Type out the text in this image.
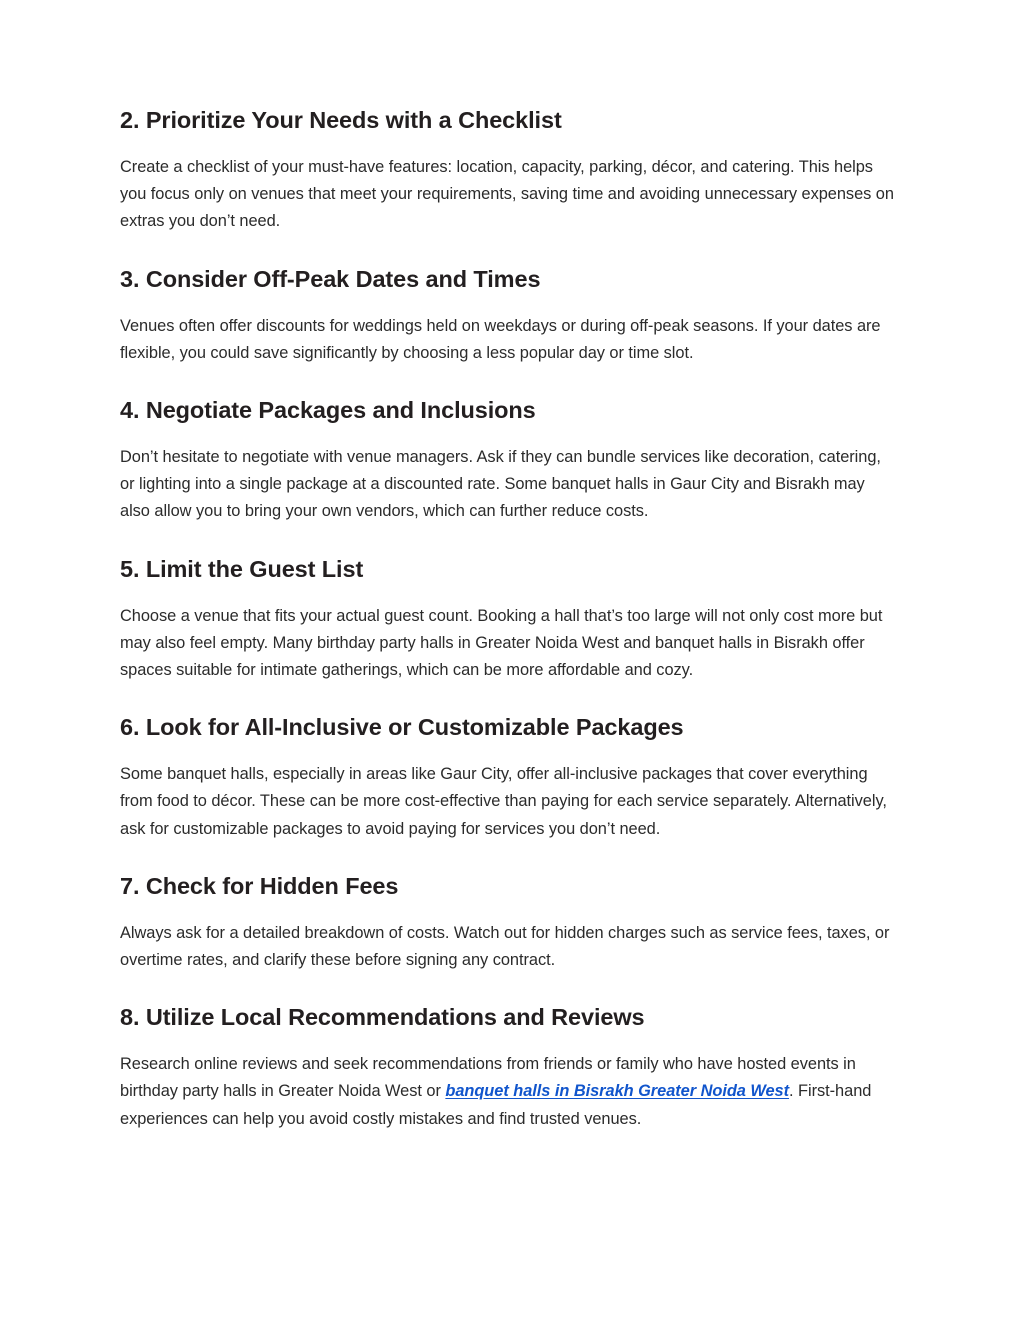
2. Prioritize Your Needs with a Checklist

Create a checklist of your must-have features: location, capacity, parking, décor, and catering. This helps you focus only on venues that meet your requirements, saving time and avoiding unnecessary expenses on extras you don’t need.

3. Consider Off-Peak Dates and Times

Venues often offer discounts for weddings held on weekdays or during off-peak seasons. If your dates are flexible, you could save significantly by choosing a less popular day or time slot.

4. Negotiate Packages and Inclusions

Don’t hesitate to negotiate with venue managers. Ask if they can bundle services like decoration, catering, or lighting into a single package at a discounted rate. Some banquet halls in Gaur City and Bisrakh may also allow you to bring your own vendors, which can further reduce costs.

5. Limit the Guest List

Choose a venue that fits your actual guest count. Booking a hall that’s too large will not only cost more but may also feel empty. Many birthday party halls in Greater Noida West and banquet halls in Bisrakh offer spaces suitable for intimate gatherings, which can be more affordable and cozy.

6. Look for All-Inclusive or Customizable Packages

Some banquet halls, especially in areas like Gaur City, offer all-inclusive packages that cover everything from food to décor. These can be more cost-effective than paying for each service separately. Alternatively, ask for customizable packages to avoid paying for services you don’t need.

7. Check for Hidden Fees

Always ask for a detailed breakdown of costs. Watch out for hidden charges such as service fees, taxes, or overtime rates, and clarify these before signing any contract.

8. Utilize Local Recommendations and Reviews

Research online reviews and seek recommendations from friends or family who have hosted events in birthday party halls in Greater Noida West or banquet halls in Bisrakh Greater Noida West. First-hand experiences can help you avoid costly mistakes and find trusted venues.
